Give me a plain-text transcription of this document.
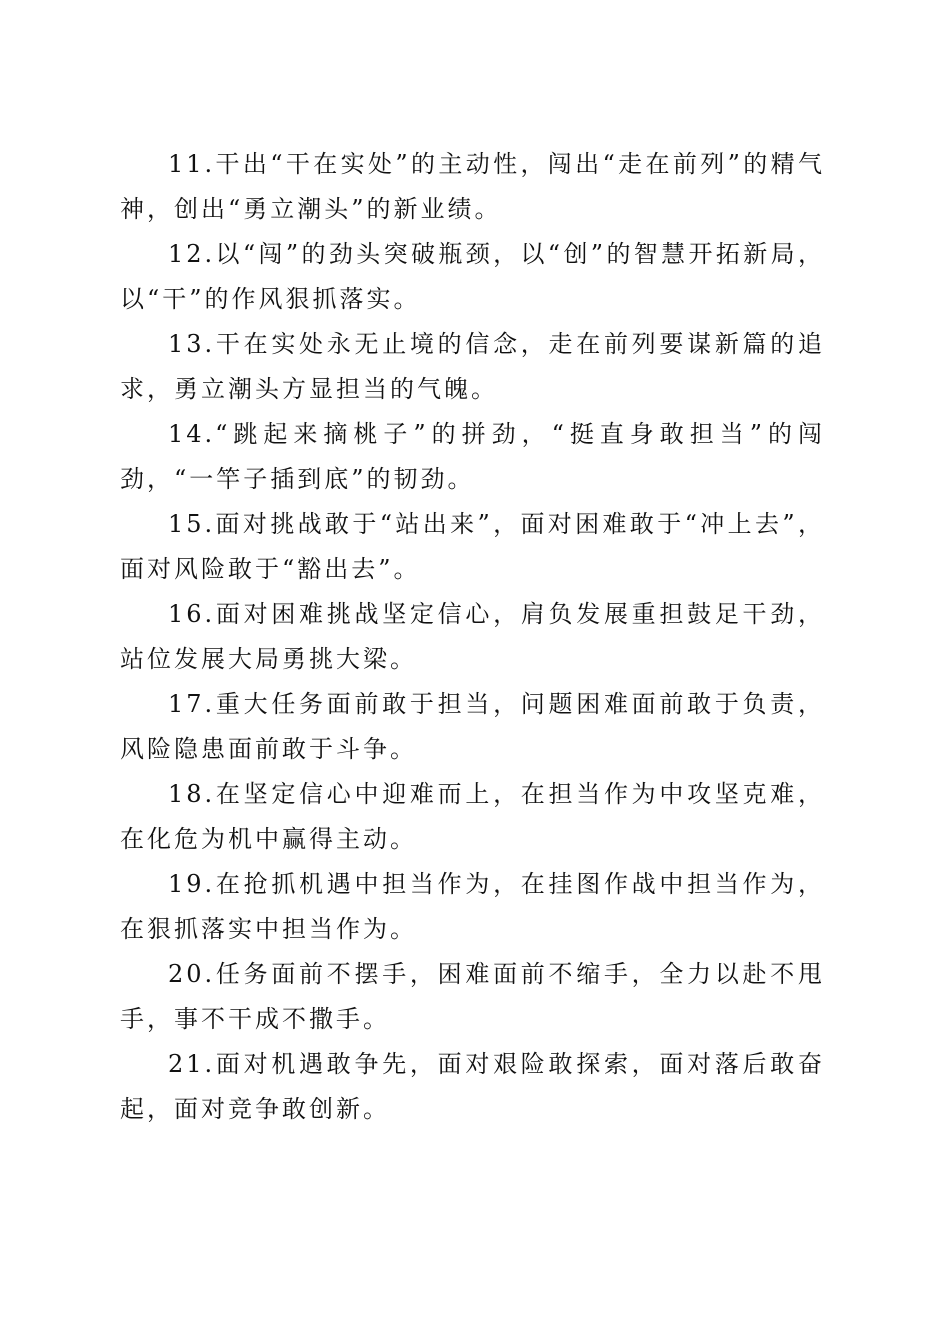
11.干出“干在实处”的主动性，闯出“走在前列”的精气神，创出“勇立潮头”的新业绩。

12.以“闯”的劲头突破瓶颈，以“创”的智慧开拓新局，以“干”的作风狠抓落实。

13.干在实处永无止境的信念，走在前列要谋新篇的追求，勇立潮头方显担当的气魄。

14.“跳起来摘桃子”的拼劲，“挺直身敢担当”的闯劲，“一竿子插到底”的韧劲。

15.面对挑战敢于“站出来”，面对困难敢于“冲上去”，面对风险敢于“豁出去”。

16.面对困难挑战坚定信心，肩负发展重担鼓足干劲，站位发展大局勇挑大梁。

17.重大任务面前敢于担当，问题困难面前敢于负责，风险隐患面前敢于斗争。

18.在坚定信心中迎难而上，在担当作为中攻坚克难，在化危为机中赢得主动。

19.在抢抓机遇中担当作为，在挂图作战中担当作为，在狠抓落实中担当作为。

20.任务面前不摆手，困难面前不缩手，全力以赴不甩手，事不干成不撒手。

21.面对机遇敢争先，面对艰险敢探索，面对落后敢奋起，面对竞争敢创新。
